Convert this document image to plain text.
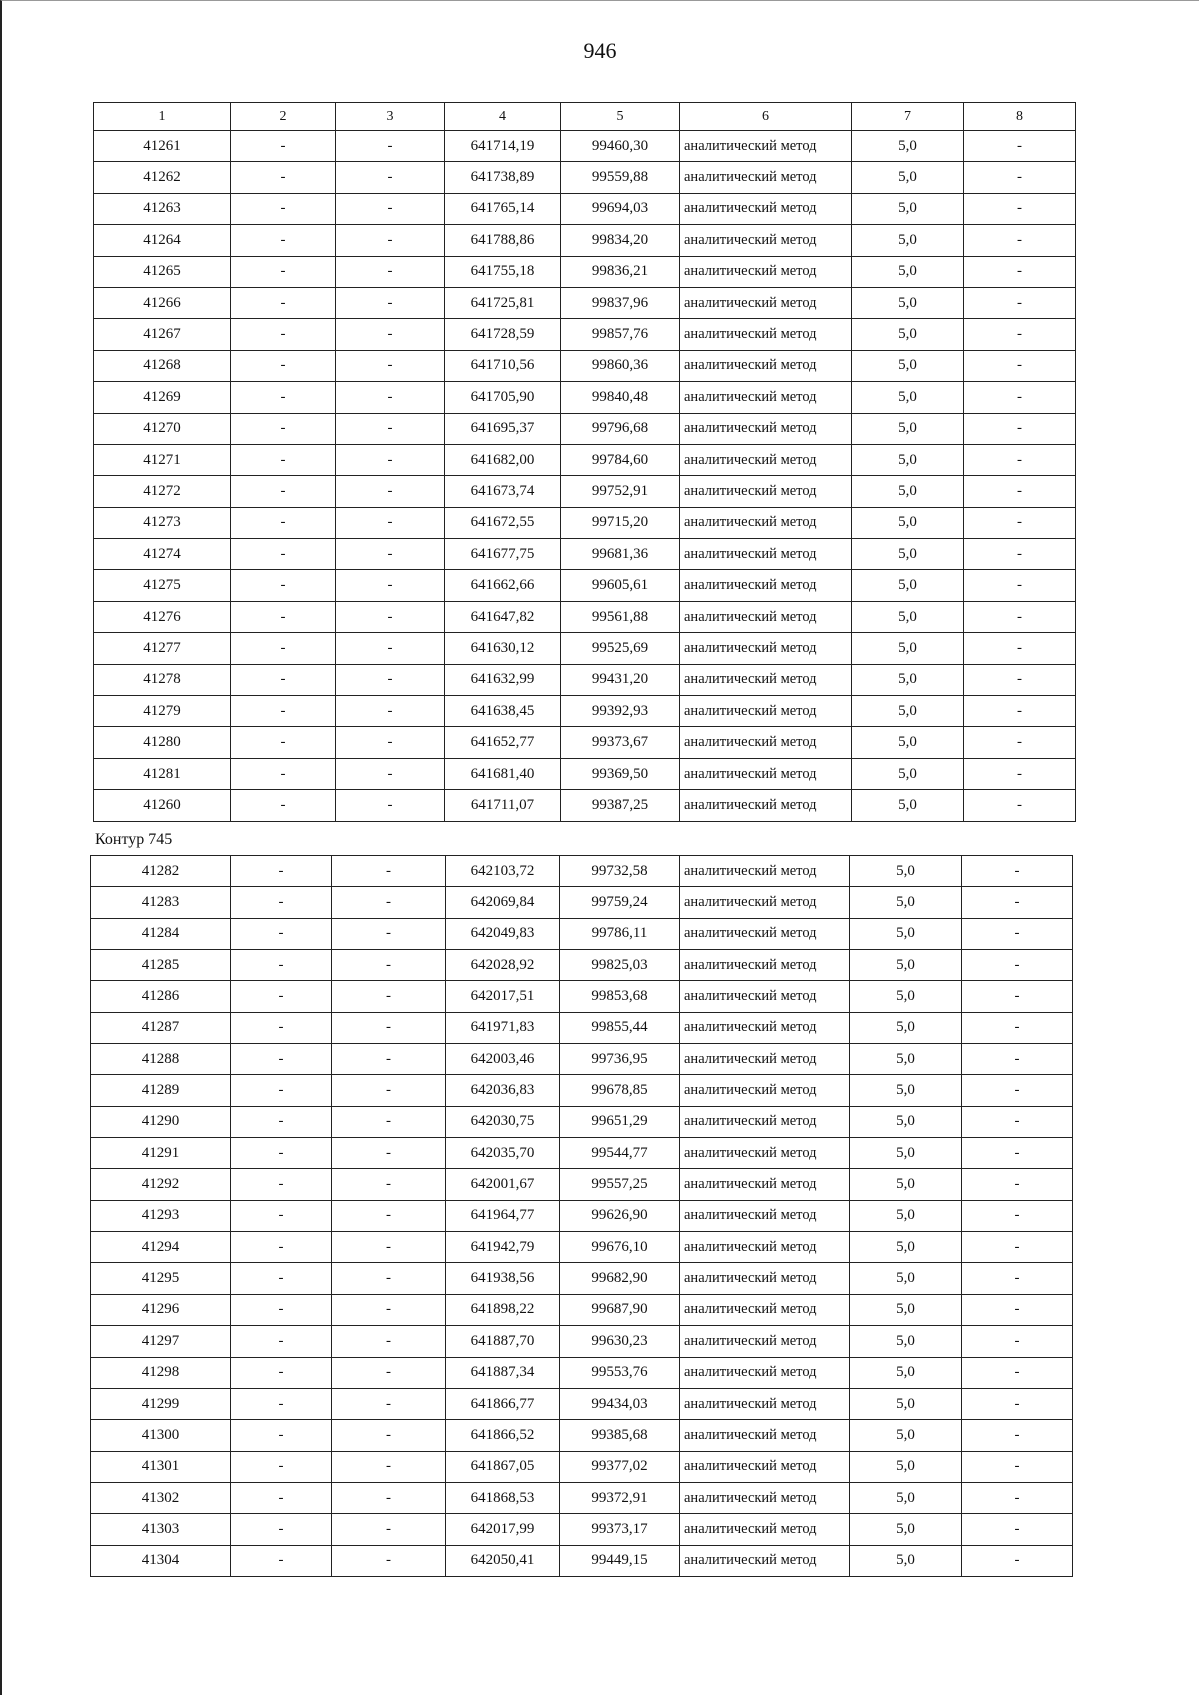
946
1	2	3	4	5	6	7	8
41261	-	-	641714,19	99460,30	аналитический метод	5,0	-
41262	-	-	641738,89	99559,88	аналитический метод	5,0	-
41263	-	-	641765,14	99694,03	аналитический метод	5,0	-
41264	-	-	641788,86	99834,20	аналитический метод	5,0	-
41265	-	-	641755,18	99836,21	аналитический метод	5,0	-
41266	-	-	641725,81	99837,96	аналитический метод	5,0	-
41267	-	-	641728,59	99857,76	аналитический метод	5,0	-
41268	-	-	641710,56	99860,36	аналитический метод	5,0	-
41269	-	-	641705,90	99840,48	аналитический метод	5,0	-
41270	-	-	641695,37	99796,68	аналитический метод	5,0	-
41271	-	-	641682,00	99784,60	аналитический метод	5,0	-
41272	-	-	641673,74	99752,91	аналитический метод	5,0	-
41273	-	-	641672,55	99715,20	аналитический метод	5,0	-
41274	-	-	641677,75	99681,36	аналитический метод	5,0	-
41275	-	-	641662,66	99605,61	аналитический метод	5,0	-
41276	-	-	641647,82	99561,88	аналитический метод	5,0	-
41277	-	-	641630,12	99525,69	аналитический метод	5,0	-
41278	-	-	641632,99	99431,20	аналитический метод	5,0	-
41279	-	-	641638,45	99392,93	аналитический метод	5,0	-
41280	-	-	641652,77	99373,67	аналитический метод	5,0	-
41281	-	-	641681,40	99369,50	аналитический метод	5,0	-
41260	-	-	641711,07	99387,25	аналитический метод	5,0	-
Контур 745
41282	-	-	642103,72	99732,58	аналитический метод	5,0	-
41283	-	-	642069,84	99759,24	аналитический метод	5,0	-
41284	-	-	642049,83	99786,11	аналитический метод	5,0	-
41285	-	-	642028,92	99825,03	аналитический метод	5,0	-
41286	-	-	642017,51	99853,68	аналитический метод	5,0	-
41287	-	-	641971,83	99855,44	аналитический метод	5,0	-
41288	-	-	642003,46	99736,95	аналитический метод	5,0	-
41289	-	-	642036,83	99678,85	аналитический метод	5,0	-
41290	-	-	642030,75	99651,29	аналитический метод	5,0	-
41291	-	-	642035,70	99544,77	аналитический метод	5,0	-
41292	-	-	642001,67	99557,25	аналитический метод	5,0	-
41293	-	-	641964,77	99626,90	аналитический метод	5,0	-
41294	-	-	641942,79	99676,10	аналитический метод	5,0	-
41295	-	-	641938,56	99682,90	аналитический метод	5,0	-
41296	-	-	641898,22	99687,90	аналитический метод	5,0	-
41297	-	-	641887,70	99630,23	аналитический метод	5,0	-
41298	-	-	641887,34	99553,76	аналитический метод	5,0	-
41299	-	-	641866,77	99434,03	аналитический метод	5,0	-
41300	-	-	641866,52	99385,68	аналитический метод	5,0	-
41301	-	-	641867,05	99377,02	аналитический метод	5,0	-
41302	-	-	641868,53	99372,91	аналитический метод	5,0	-
41303	-	-	642017,99	99373,17	аналитический метод	5,0	-
41304	-	-	642050,41	99449,15	аналитический метод	5,0	-
